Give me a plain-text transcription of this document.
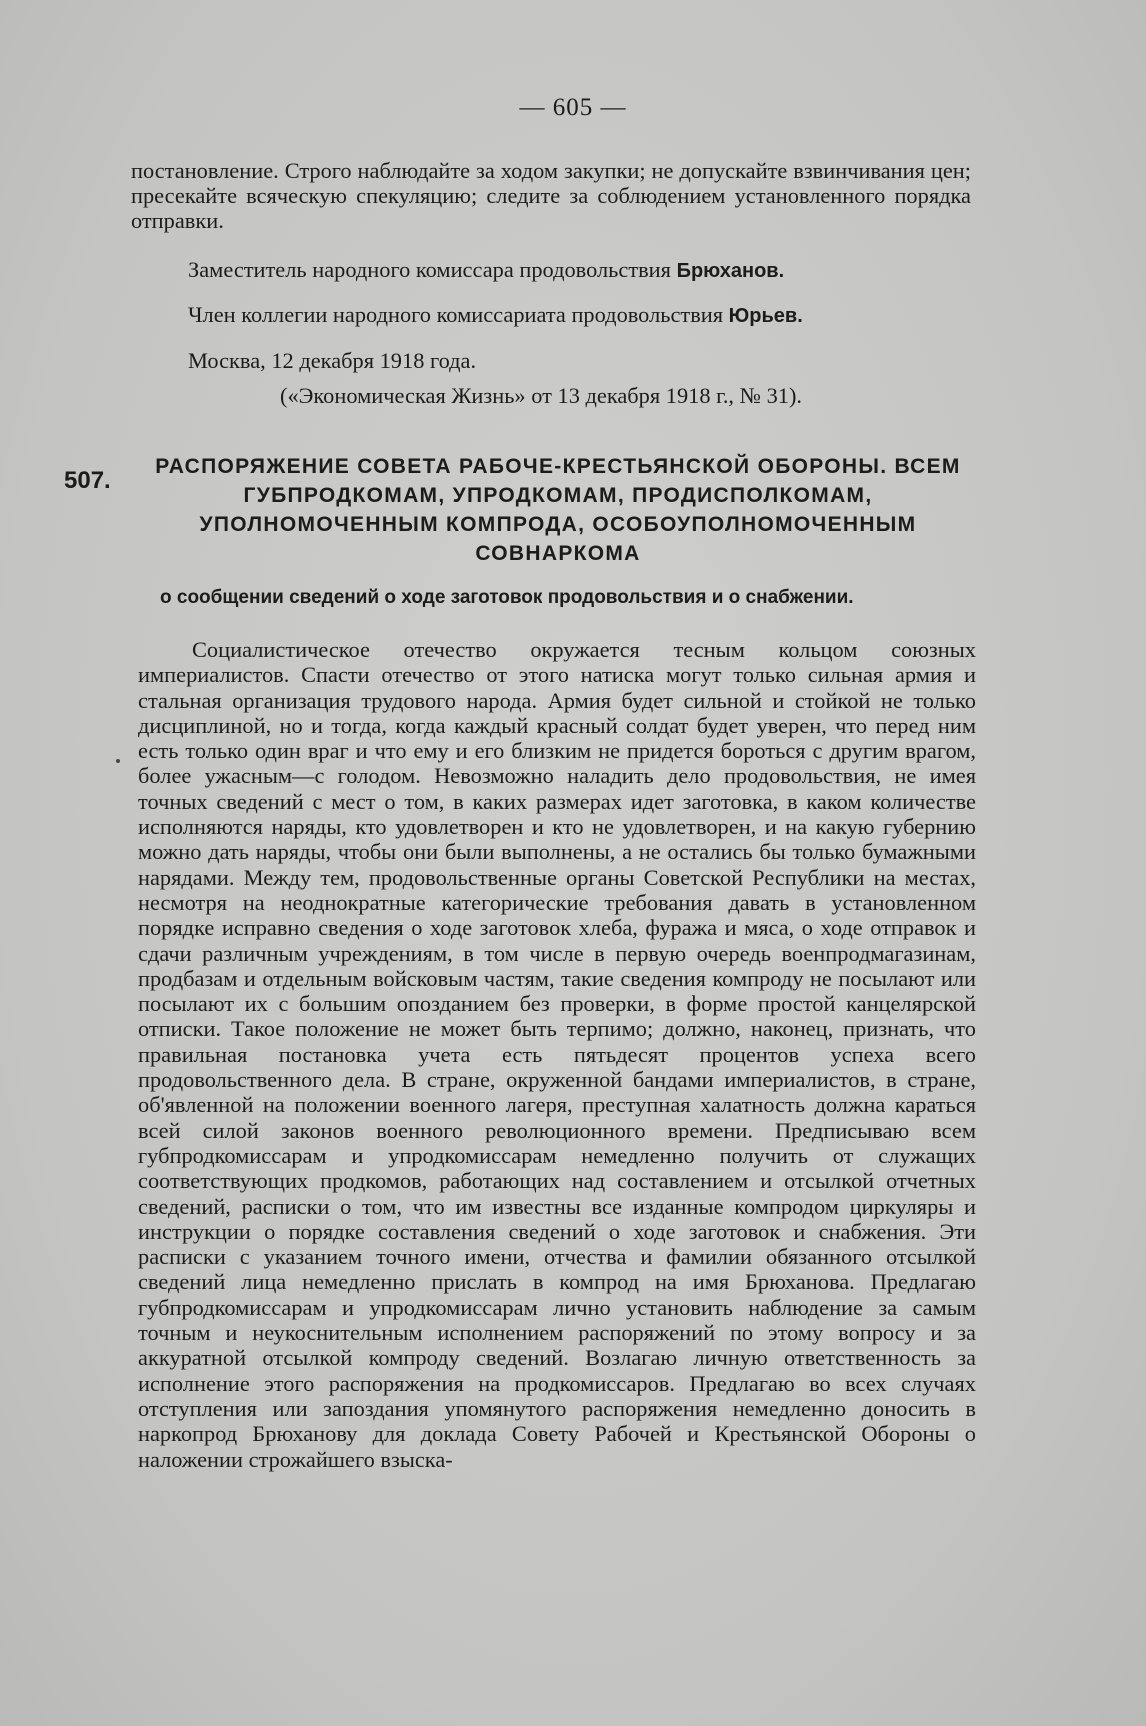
— 605 —

постановление. Строго наблюдайте за ходом закупки; не допускайте взвинчивания цен; пресекайте всяческую спекуляцию; следите за соблюдением установленного порядка отправки.

Заместитель народного комиссара продовольствия Брюханов.
Член коллегии народного комиссариата продовольствия Юрьев.
Москва, 12 декабря 1918 года.
(«Экономическая Жизнь» от 13 декабря 1918 г., № 31).
507.

РАСПОРЯЖЕНИЕ СОВЕТА РАБОЧЕ-КРЕСТЬЯНСКОЙ ОБОРОНЫ. ВСЕМ ГУБПРОДКОМАМ, УПРОДКОМАМ, ПРОДИСПОЛКОМАМ, УПОЛНОМОЧЕННЫМ КОМПРОДА, ОСОБОУПОЛНОМОЧЕННЫМ СОВНАРКОМА

о сообщении сведений о ходе заготовок продовольствия и о снабжении.

Социалистическое отечество окружается тесным кольцом союзных империалистов. Спасти отечество от этого натиска могут только сильная армия и стальная организация трудового народа. Армия будет сильной и стойкой не только дисциплиной, но и тогда, когда каждый красный солдат будет уверен, что перед ним есть только один враг и что ему и его близким не придется бороться с другим врагом, более ужасным—с голодом. Невозможно наладить дело продовольствия, не имея точных сведений с мест о том, в каких размерах идет заготовка, в каком количестве исполняются наряды, кто удовлетворен и кто не удовлетворен, и на какую губернию можно дать наряды, чтобы они были выполнены, а не остались бы только бумажными нарядами. Между тем, продовольственные органы Советской Республики на местах, несмотря на неоднократные категорические требования давать в установленном порядке исправно сведения о ходе заготовок хлеба, фуража и мяса, о ходе отправок и сдачи различным учреждениям, в том числе в первую очередь военпродмагазинам, продбазам и отдельным войсковым частям, такие сведения компроду не посылают или посылают их с большим опозданием без проверки, в форме простой канцелярской отписки. Такое положение не может быть терпимо; должно, наконец, признать, что правильная постановка учета есть пятьдесят процентов успеха всего продовольственного дела. В стране, окруженной бандами империалистов, в стране, об'явленной на положении военного лагеря, преступная халатность должна караться всей силой законов военного революционного времени. Предписываю всем губпродкомиссарам и упродкомиссарам немедленно получить от служащих соответствующих продкомов, работающих над составлением и отсылкой отчетных сведений, расписки о том, что им известны все изданные компродом циркуляры и инструкции о порядке составления сведений о ходе заготовок и снабжения. Эти расписки с указанием точного имени, отчества и фамилии обязанного отсылкой сведений лица немедленно прислать в компрод на имя Брюханова. Предлагаю губпродкомиссарам и упродкомиссарам лично установить наблюдение за самым точным и неукоснительным исполнением распоряжений по этому вопросу и за аккуратной отсылкой компроду сведений. Возлагаю личную ответственность за исполнение этого распоряжения на продкомиссаров. Предлагаю во всех случаях отступления или запоздания упомянутого распоряжения немедленно доносить в наркопрод Брюханову для доклада Совету Рабочей и Крестьянской Обороны о наложении строжайшего взыска-
